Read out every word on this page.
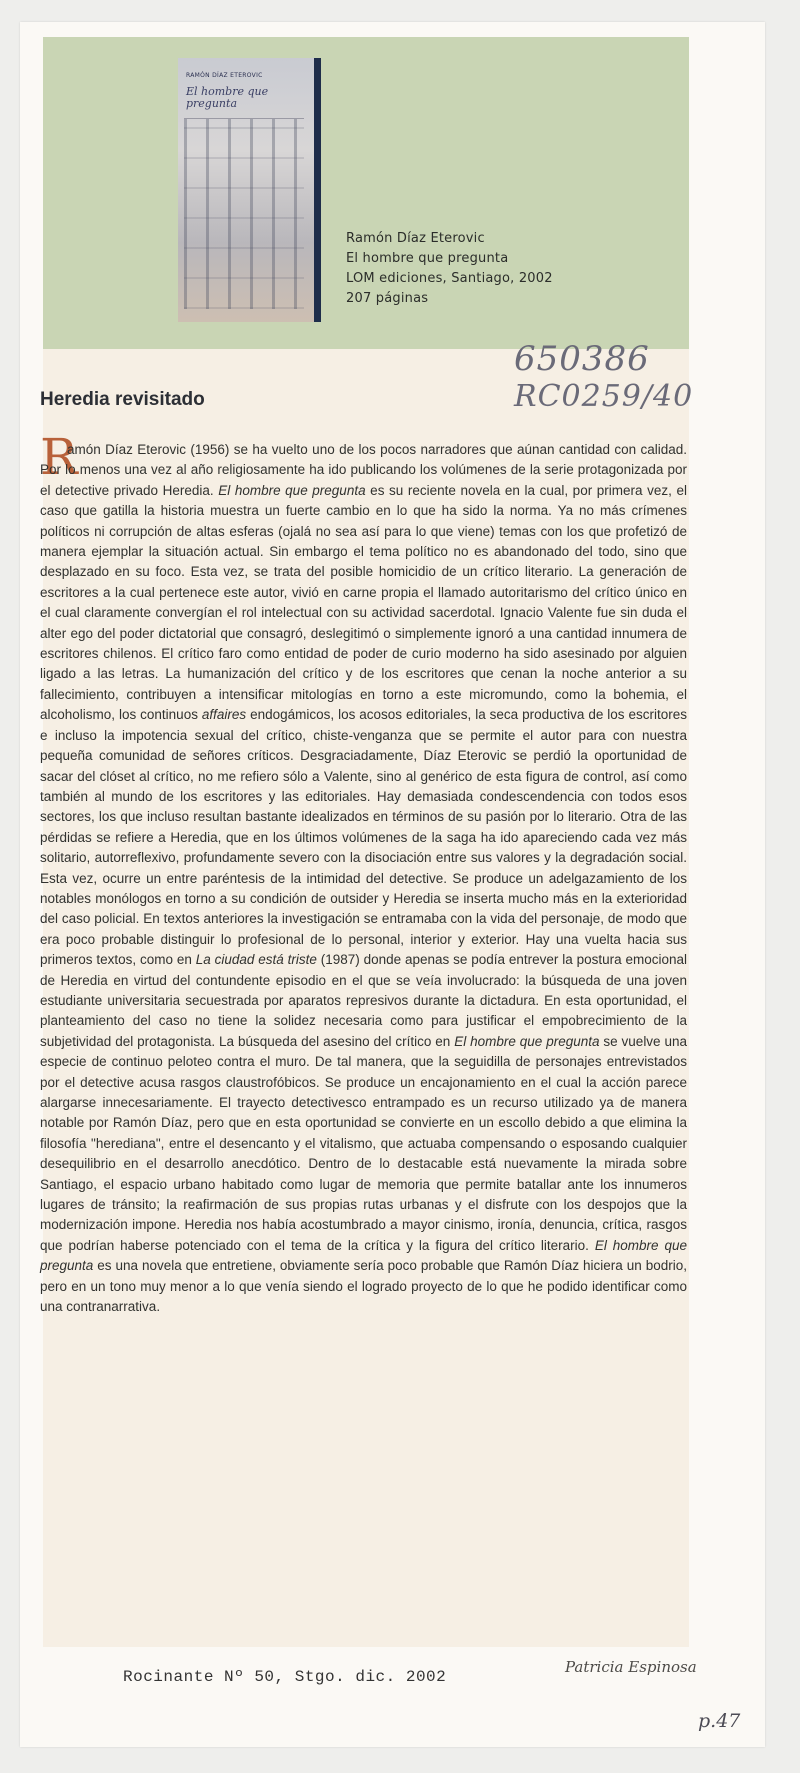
RAMÓN DÍAZ ETEROVIC
El hombre que pregunta
Ramón Díaz Eterovic
El hombre que pregunta
LOM ediciones, Santiago, 2002
207 páginas
650386
RC0259/40
Heredia revisitado
R

amón Díaz Eterovic (1956) se ha vuelto uno de los pocos narradores que aúnan cantidad con calidad. Por lo menos una vez al año religiosamente ha ido publicando los volúmenes de la serie protagonizada por el detective privado Heredia. El hombre que pregunta es su reciente novela en la cual, por primera vez, el caso que gatilla la historia muestra un fuerte cambio en lo que ha sido la norma. Ya no más crímenes políticos ni corrupción de altas esferas (ojalá no sea así para lo que viene) temas con los que profetizó de manera ejemplar la situación actual. Sin embargo el tema político no es abandonado del todo, sino que desplazado en su foco. Esta vez, se trata del posible homicidio de un crítico literario. La generación de escritores a la cual pertenece este autor, vivió en carne propia el llamado autoritarismo del crítico único en el cual claramente convergían el rol intelectual con su actividad sacerdotal. Ignacio Valente fue sin duda el alter ego del poder dictatorial que consagró, deslegitimó o simplemente ignoró a una cantidad innumera de escritores chilenos. El crítico faro como entidad de poder de curio moderno ha sido asesinado por alguien ligado a las letras. La humanización del crítico y de los escritores que cenan la noche anterior a su fallecimiento, contribuyen a intensificar mitologías en torno a este micromundo, como la bohemia, el alcoholismo, los continuos affaires endogámicos, los acosos editoriales, la seca productiva de los escritores e incluso la impotencia sexual del crítico, chiste-venganza que se permite el autor para con nuestra pequeña comunidad de señores críticos. Desgraciadamente, Díaz Eterovic se perdió la oportunidad de sacar del clóset al crítico, no me refiero sólo a Valente, sino al genérico de esta figura de control, así como también al mundo de los escritores y las editoriales. Hay demasiada condescendencia con todos esos sectores, los que incluso resultan bastante idealizados en términos de su pasión por lo literario. Otra de las pérdidas se refiere a Heredia, que en los últimos volúmenes de la saga ha ido apareciendo cada vez más solitario, autorreflexivo, profundamente severo con la disociación entre sus valores y la degradación social. Esta vez, ocurre un entre paréntesis de la intimidad del detective. Se produce un adelgazamiento de los notables monólogos en torno a su condición de outsider y Heredia se inserta mucho más en la exterioridad del caso policial. En textos anteriores la investigación se entramaba con la vida del personaje, de modo que era poco probable distinguir lo profesional de lo personal, interior y exterior. Hay una vuelta hacia sus primeros textos, como en La ciudad está triste (1987) donde apenas se podía entrever la postura emocional de Heredia en virtud del contundente episodio en el que se veía involucrado: la búsqueda de una joven estudiante universitaria secuestrada por aparatos represivos durante la dictadura. En esta oportunidad, el planteamiento del caso no tiene la solidez necesaria como para justificar el empobrecimiento de la subjetividad del protagonista. La búsqueda del asesino del crítico en El hombre que pregunta se vuelve una especie de continuo peloteo contra el muro. De tal manera, que la seguidilla de personajes entrevistados por el detective acusa rasgos claustrofóbicos. Se produce un encajonamiento en el cual la acción parece alargarse innecesariamente. El trayecto detectivesco entrampado es un recurso utilizado ya de manera notable por Ramón Díaz, pero que en esta oportunidad se convierte en un escollo debido a que elimina la filosofía "herediana", entre el desencanto y el vitalismo, que actuaba compensando o esposando cualquier desequilibrio en el desarrollo anecdótico. Dentro de lo destacable está nuevamente la mirada sobre Santiago, el espacio urbano habitado como lugar de memoria que permite batallar ante los innumeros lugares de tránsito; la reafirmación de sus propias rutas urbanas y el disfrute con los despojos que la modernización impone. Heredia nos había acostumbrado a mayor cinismo, ironía, denuncia, crítica, rasgos que podrían haberse potenciado con el tema de la crítica y la figura del crítico literario. El hombre que pregunta es una novela que entretiene, obviamente sería poco probable que Ramón Díaz hiciera un bodrio, pero en un tono muy menor a lo que venía siendo el logrado proyecto de lo que he podido identificar como una contranarrativa.

Rocinante Nº 50, Stgo. dic. 2002
Patricia Espinosa
p.47
